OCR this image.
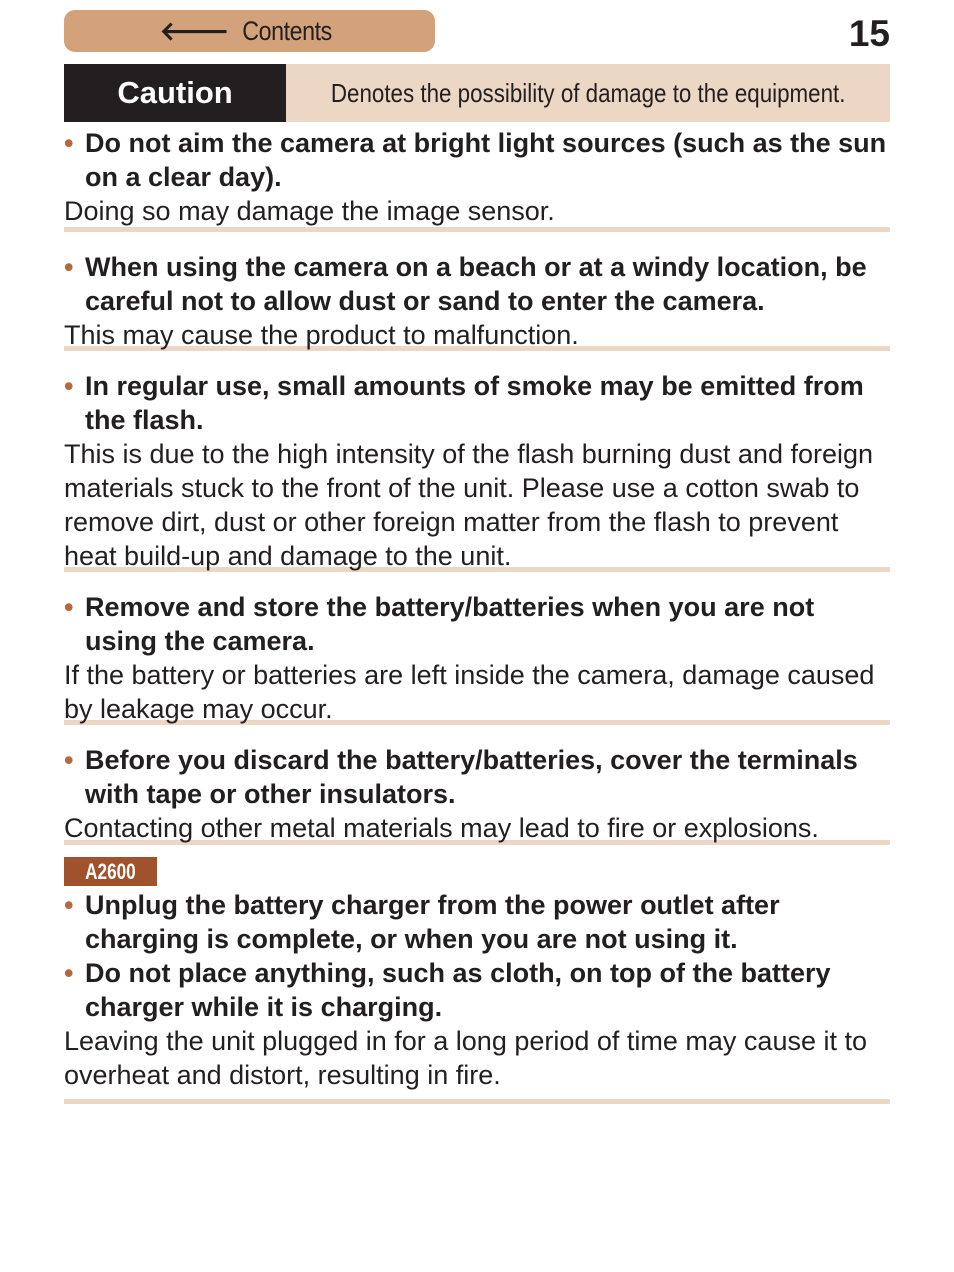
🡐 Contents	15
Caution	Denotes the possibility of damage to the equipment.
• Do not aim the camera at bright light sources (such as the sun on a clear day).
Doing so may damage the image sensor.
• When using the camera on a beach or at a windy location, be careful not to allow dust or sand to enter the camera.
This may cause the product to malfunction.
• In regular use, small amounts of smoke may be emitted from the flash.
This is due to the high intensity of the flash burning dust and foreign materials stuck to the front of the unit. Please use a cotton swab to remove dirt, dust or other foreign matter from the flash to prevent heat build-up and damage to the unit.
• Remove and store the battery/batteries when you are not using the camera.
If the battery or batteries are left inside the camera, damage caused by leakage may occur.
• Before you discard the battery/batteries, cover the terminals with tape or other insulators.
Contacting other metal materials may lead to fire or explosions.
A2600
• Unplug the battery charger from the power outlet after charging is complete, or when you are not using it.
• Do not place anything, such as cloth, on top of the battery charger while it is charging.
Leaving the unit plugged in for a long period of time may cause it to overheat and distort, resulting in fire.
